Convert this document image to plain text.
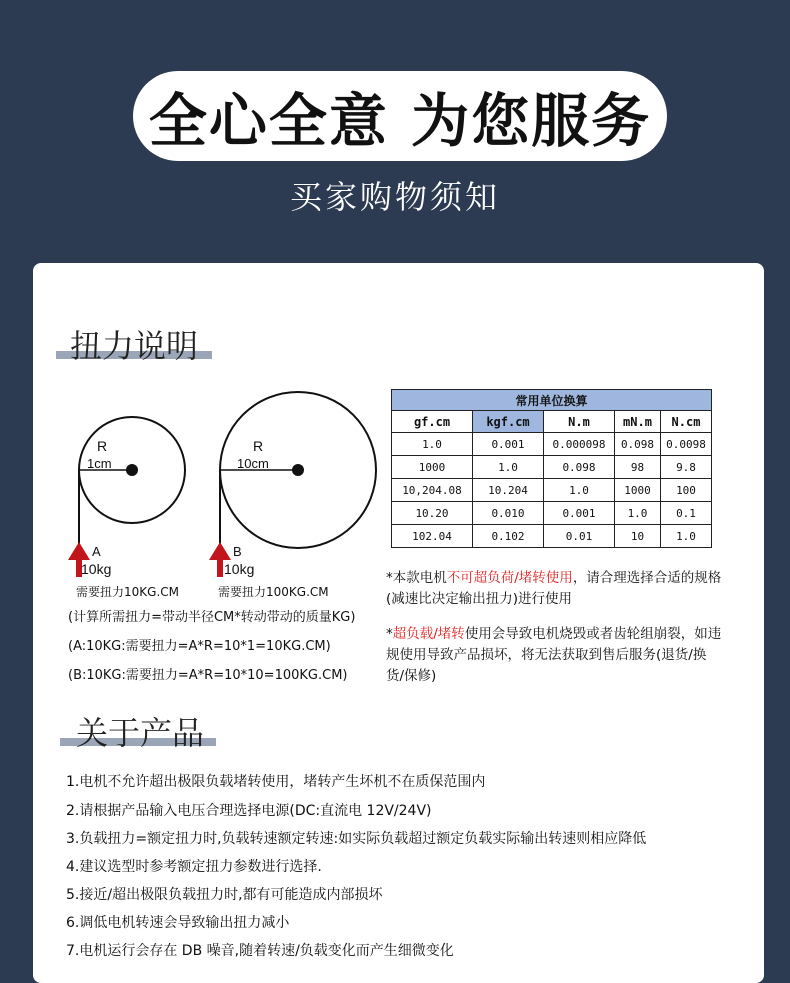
全心全意 为您服务
买家购物须知
扭力说明
R
1cm
A
10kg
R
10cm
B
10kg
需要扭力10KG.CM	需要扭力100KG.CM
(计算所需扭力=带动半径CM*转动带动的质量KG)
(A:10KG:需要扭力=A*R=10*1=10KG.CM)
(B:10KG:需要扭力=A*R=10*10=100KG.CM)
常用单位换算				
gf.cm	kgf.cm	N.m	mN.m	N.cm
1.0	0.001	0.000098	0.098	0.0098
1000	1.0	0.098	98	9.8
10,204.08	10.204	1.0	1000	100
10.20	0.010	0.001	1.0	0.1
102.04	0.102	0.01	10	1.0
*本款电机不可超负荷/堵转使用，请合理选择合适的规格(减速比决定输出扭力)进行使用
*超负载/堵转使用会导致电机烧毁或者齿轮组崩裂，如违规使用导致产品损坏，将无法获取到售后服务(退货/换货/保修)
关于产品
1.电机不允许超出极限负载堵转使用，堵转产生坏机不在质保范围内
2.请根据产品输入电压合理选择电源(DC:直流电 12V/24V)
3.负载扭力=额定扭力时,负载转速额定转速:如实际负载超过额定负载实际输出转速则相应降低
4.建议选型时参考额定扭力参数进行选择.
5.接近/超出极限负载扭力时,都有可能造成内部损坏
6.调低电机转速会导致输出扭力减小
7.电机运行会存在 DB 噪音,随着转速/负载变化而产生细微变化
